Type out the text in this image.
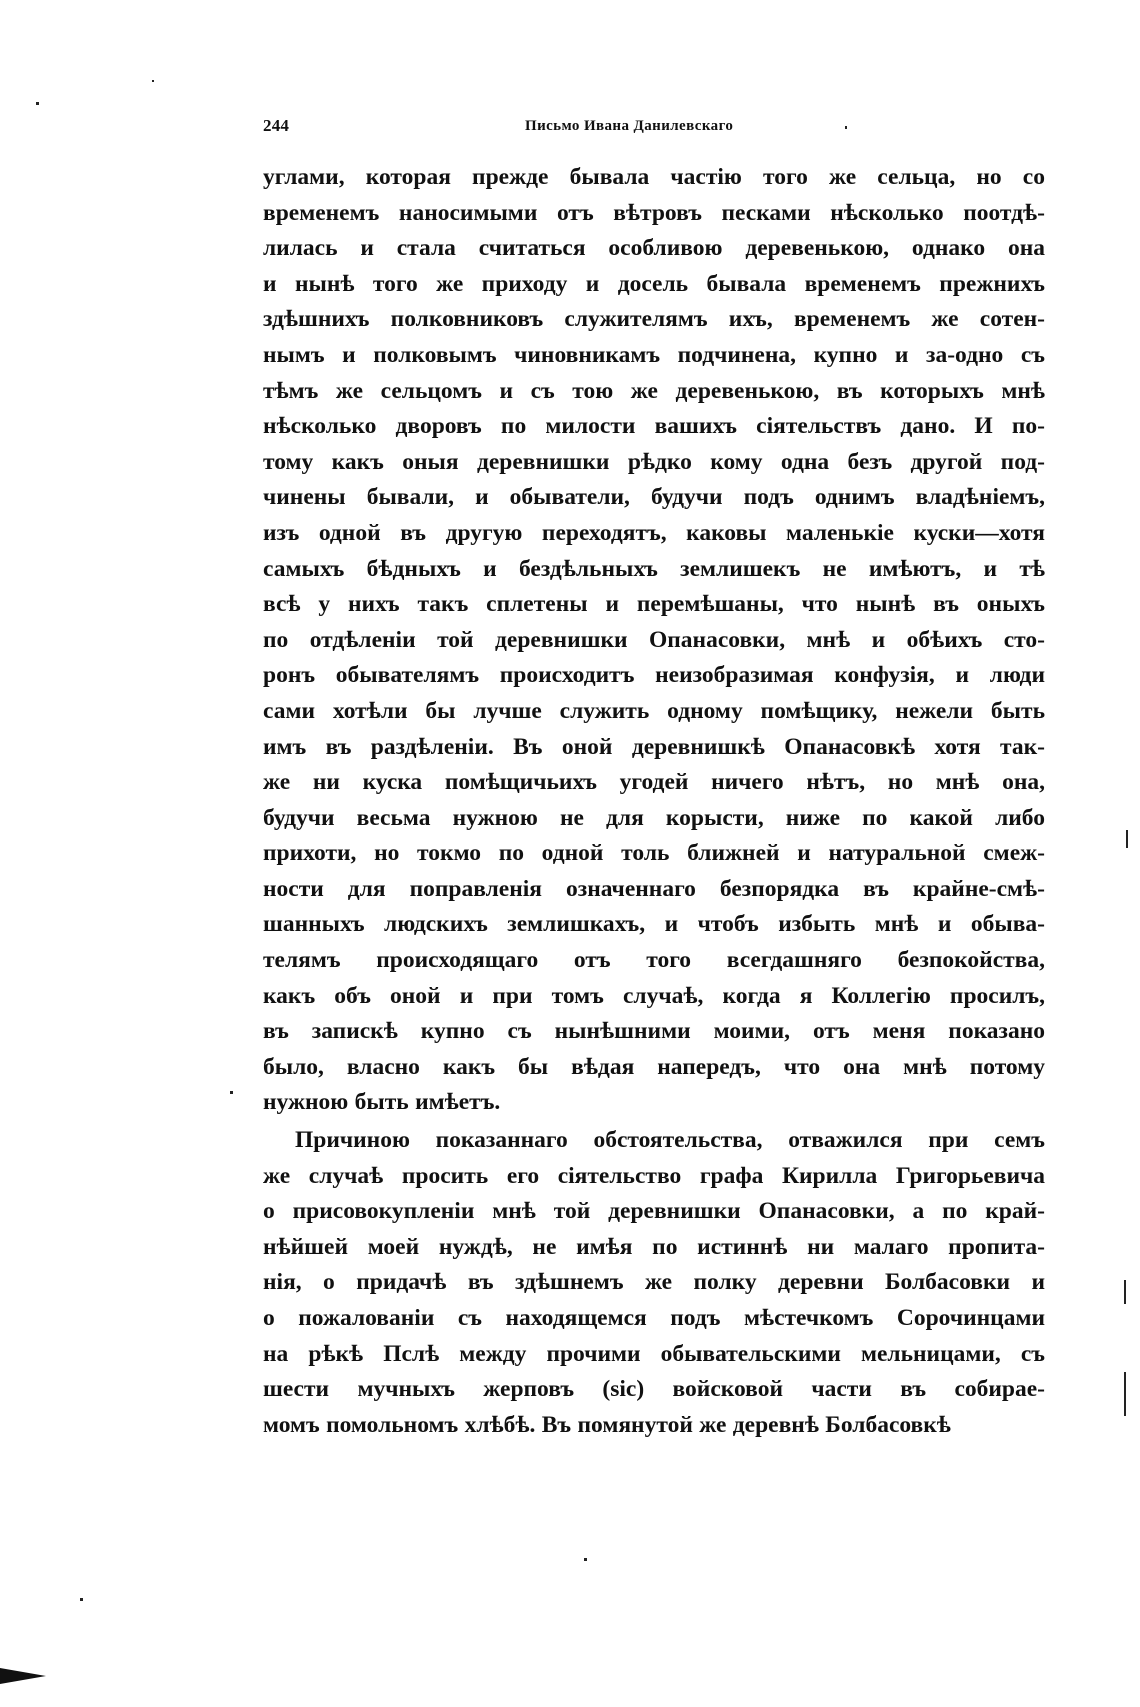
244	Письмо Ивана Данилевскаго
углами, которая прежде бывала частію того же сельца, но со
временемъ наносимыми отъ вѣтровъ песками нѣсколько поотдѣ-
лилась и стала считаться особливою деревенькою, однако она
и нынѣ того же приходу и досель бывала временемъ прежнихъ
здѣшнихъ полковниковъ служителямъ ихъ, временемъ же сотен-
нымъ и полковымъ чиновникамъ подчинена, купно и за-одно съ
тѣмъ же сельцомъ и съ тою же деревенькою, въ которыхъ мнѣ
нѣсколько дворовъ по милости вашихъ сіятельствъ дано. И по-
тому какъ оныя деревнишки рѣдко кому одна безъ другой под-
чинены бывали, и обыватели, будучи подъ однимъ владѣніемъ,
изъ одной въ другую переходятъ, каковы маленькіе куски—хотя
самыхъ бѣдныхъ и бездѣльныхъ землишекъ не имѣютъ, и тѣ
всѣ у нихъ такъ сплетены и перемѣшаны, что нынѣ въ оныхъ
по отдѣленіи той деревнишки Опанасовки, мнѣ и обѣихъ сто-
ронъ обывателямъ происходитъ неизобразимая конфузія, и люди
сами хотѣли бы лучше служить одному помѣщику, нежели быть
имъ въ раздѣленіи. Въ оной деревнишкѣ Опанасовкѣ хотя так-
же ни куска помѣщичьихъ угодей ничего нѣтъ, но мнѣ она,
будучи весьма нужною не для корысти, ниже по какой либо
прихоти, но токмо по одной толь ближней и натуральной смеж-
ности для поправленія означеннаго безпорядка въ крайне-смѣ-
шанныхъ людскихъ землишкахъ, и чтобъ избыть мнѣ и обыва-
телямъ происходящаго отъ того всегдашняго безпокойства,
какъ объ оной и при томъ случаѣ, когда я Коллегію просилъ,
въ запискѣ купно съ нынѣшними моими, отъ меня показано
было, власно какъ бы вѣдая напередъ, что она мнѣ потому
нужною быть имѣетъ.
Причиною показаннаго обстоятельства, отважился при семъ
же случаѣ просить его сіятельство графа Кирилла Григорьевича
о присовокупленіи мнѣ той деревнишки Опанасовки, а по край-
нѣйшей моей нуждѣ, не имѣя по истиннѣ ни малаго пропита-
нія, о придачѣ въ здѣшнемъ же полку деревни Болбасовки и
о пожалованіи съ находящемся подъ мѣстечкомъ Сорочинцами
на рѣкѣ Пслѣ между прочими обывательскими мельницами, съ
шести мучныхъ жерповъ (sic) войсковой части въ собирае-
момъ помольномъ хлѣбѣ. Въ помянутой же деревнѣ Болбасовкѣ
